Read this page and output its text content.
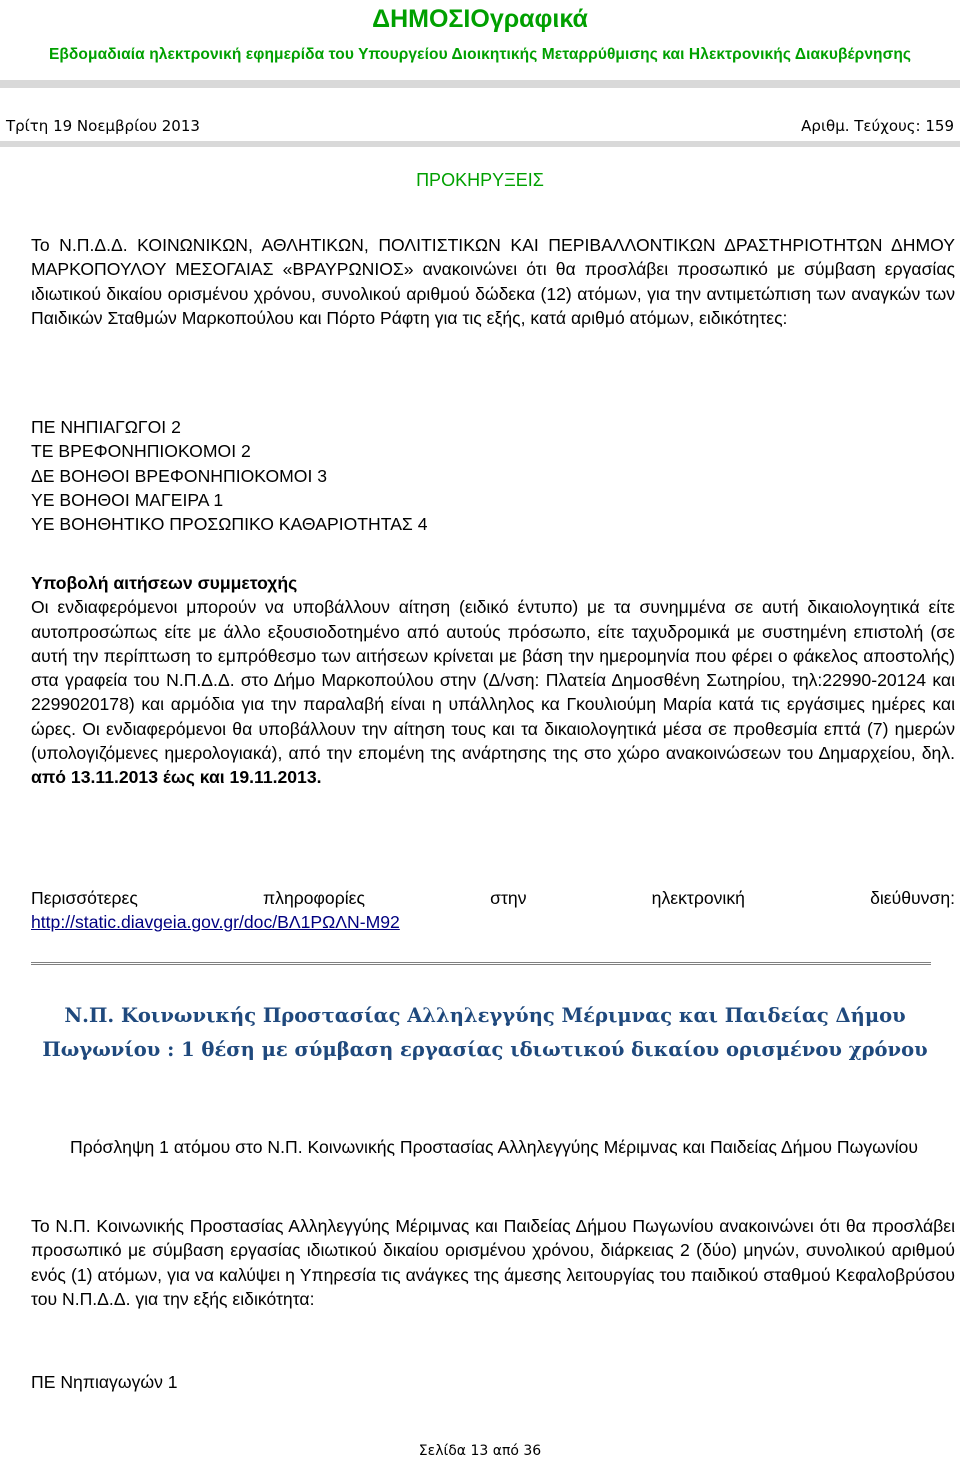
ΔΗΜΟΣΙΟγραφικά
Εβδομαδιαία ηλεκτρονική εφημερίδα του Υπουργείου Διοικητικής Μεταρρύθμισης και Ηλεκτρονικής Διακυβέρνησης
Τρίτη 19 Νοεμβρίου 2013	Αριθμ. Τεύχους: 159
ΠΡΟΚΗΡΥΞΕΙΣ

Το Ν.Π.Δ.Δ. ΚΟΙΝΩΝΙΚΩΝ, ΑΘΛΗΤΙΚΩΝ, ΠΟΛΙΤΙΣΤΙΚΩΝ ΚΑΙ ΠΕΡΙΒΑΛΛΟΝΤΙΚΩΝ ΔΡΑΣΤΗΡΙΟΤΗΤΩΝ ΔΗΜΟΥ ΜΑΡΚΟΠΟΥΛΟΥ ΜΕΣΟΓΑΙΑΣ «ΒΡΑΥΡΩΝΙΟΣ» ανακοινώνει ότι θα προσλάβει προσωπικό με σύμβαση εργασίας ιδιωτικού δικαίου ορισμένου χρόνου, συνολικού αριθμού δώδεκα (12) ατόμων, για την αντιμετώπιση των αναγκών των Παιδικών Σταθμών Μαρκοπούλου και Πόρτο Ράφτη για τις εξής, κατά αριθμό ατόμων, ειδικότητες:

ΠΕ ΝΗΠΙΑΓΩΓΟΙ 2
ΤΕ ΒΡΕΦΟΝΗΠΙΟΚΟΜΟΙ 2
ΔΕ ΒΟΗΘΟΙ ΒΡΕΦΟΝΗΠΙΟΚΟΜΟΙ 3
ΥΕ ΒΟΗΘΟΙ ΜΑΓΕΙΡΑ 1
ΥΕ ΒΟΗΘΗΤΙΚΟ ΠΡΟΣΩΠΙΚΟ ΚΑΘΑΡΙΟΤΗΤΑΣ 4
Υποβολή αιτήσεων συμμετοχής

Οι ενδιαφερόμενοι μπορούν να υποβάλλουν αίτηση (ειδικό έντυπο) με τα συνημμένα σε αυτή δικαιολογητικά είτε αυτοπροσώπως είτε με άλλο εξουσιοδοτημένο από αυτούς πρόσωπο, είτε ταχυδρομικά με συστημένη επιστολή (σε αυτή την περίπτωση το εμπρόθεσμο των αιτήσεων κρίνεται με βάση την ημερομηνία που φέρει ο φάκελος αποστολής) στα γραφεία του Ν.Π.Δ.Δ. στο Δήμο Μαρκοπούλου στην (Δ/νση: Πλατεία Δημοσθένη Σωτηρίου, τηλ:22990-20124 και 2299020178) και αρμόδια για την παραλαβή είναι η υπάλληλος κα Γκουλιούμη Μαρία κατά τις εργάσιμες ημέρες και ώρες. Οι ενδιαφερόμενοι θα υποβάλλουν την αίτηση τους και τα δικαιολογητικά μέσα σε προθεσμία επτά (7) ημερών (υπολογιζόμενες ημερολογιακά), από την επομένη της ανάρτησης της στο χώρο ανακοινώσεων του Δημαρχείου, δηλ. από 13.11.2013 έως και 19.11.2013.

Περισσότερες πληροφορίες στην ηλεκτρονική διεύθυνση:

http://static.diavgeia.gov.gr/doc/ΒΛ1ΡΩΛΝ-Μ92
Ν.Π. Κοινωνικής Προστασίας Αλληλεγγύης Μέριμνας και Παιδείας Δήμου Πωγωνίου : 1 θέση με σύμβαση εργασίας ιδιωτικού δικαίου ορισμένου χρόνου

Πρόσληψη 1 ατόμου στο Ν.Π. Κοινωνικής Προστασίας Αλληλεγγύης Μέριμνας και Παιδείας Δήμου Πωγωνίου

Το Ν.Π. Κοινωνικής Προστασίας Αλληλεγγύης Μέριμνας και Παιδείας Δήμου Πωγωνίου ανακοινώνει ότι θα προσλάβει προσωπικό με σύμβαση εργασίας ιδιωτικού δικαίου ορισμένου χρόνου, διάρκειας 2 (δύο) μηνών, συνολικού αριθμού ενός (1) ατόμων, για να καλύψει η Υπηρεσία τις ανάγκες της άμεσης λειτουργίας του παιδικού σταθμού Κεφαλοβρύσου του Ν.Π.Δ.Δ. για την εξής ειδικότητα:

ΠΕ Νηπιαγωγών 1
Σελίδα 13 από 36
